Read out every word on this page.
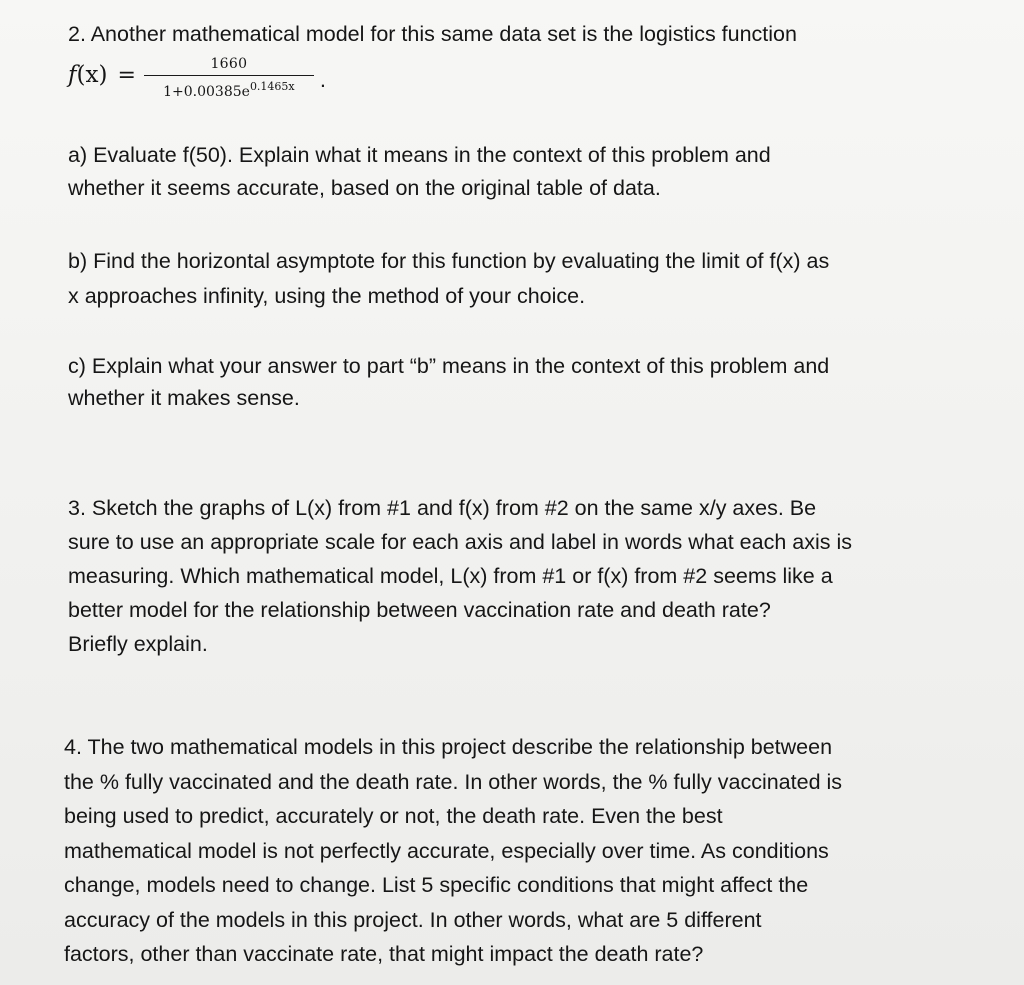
2. Another mathematical model for this same data set is the logistics function
$f(x) = \frac{1660}{1+0.00385e^{0.1465x}}$ .
a) Evaluate f(50). Explain what it means in the context of this problem and
whether it seems accurate, based on the original table of data.
b) Find the horizontal asymptote for this function by evaluating the limit of f(x) as
x approaches infinity, using the method of your choice.
c) Explain what your answer to part “b” means in the context of this problem and
whether it makes sense.
3. Sketch the graphs of L(x) from #1 and f(x) from #2 on the same x/y axes. Be
sure to use an appropriate scale for each axis and label in words what each axis is
measuring. Which mathematical model, L(x) from #1 or f(x) from #2 seems like a
better model for the relationship between vaccination rate and death rate?
Briefly explain.
4. The two mathematical models in this project describe the relationship between
the % fully vaccinated and the death rate. In other words, the % fully vaccinated is
being used to predict, accurately or not, the death rate. Even the best
mathematical model is not perfectly accurate, especially over time. As conditions
change, models need to change. List 5 specific conditions that might affect the
accuracy of the models in this project. In other words, what are 5 different
factors, other than vaccinate rate, that might impact the death rate?
